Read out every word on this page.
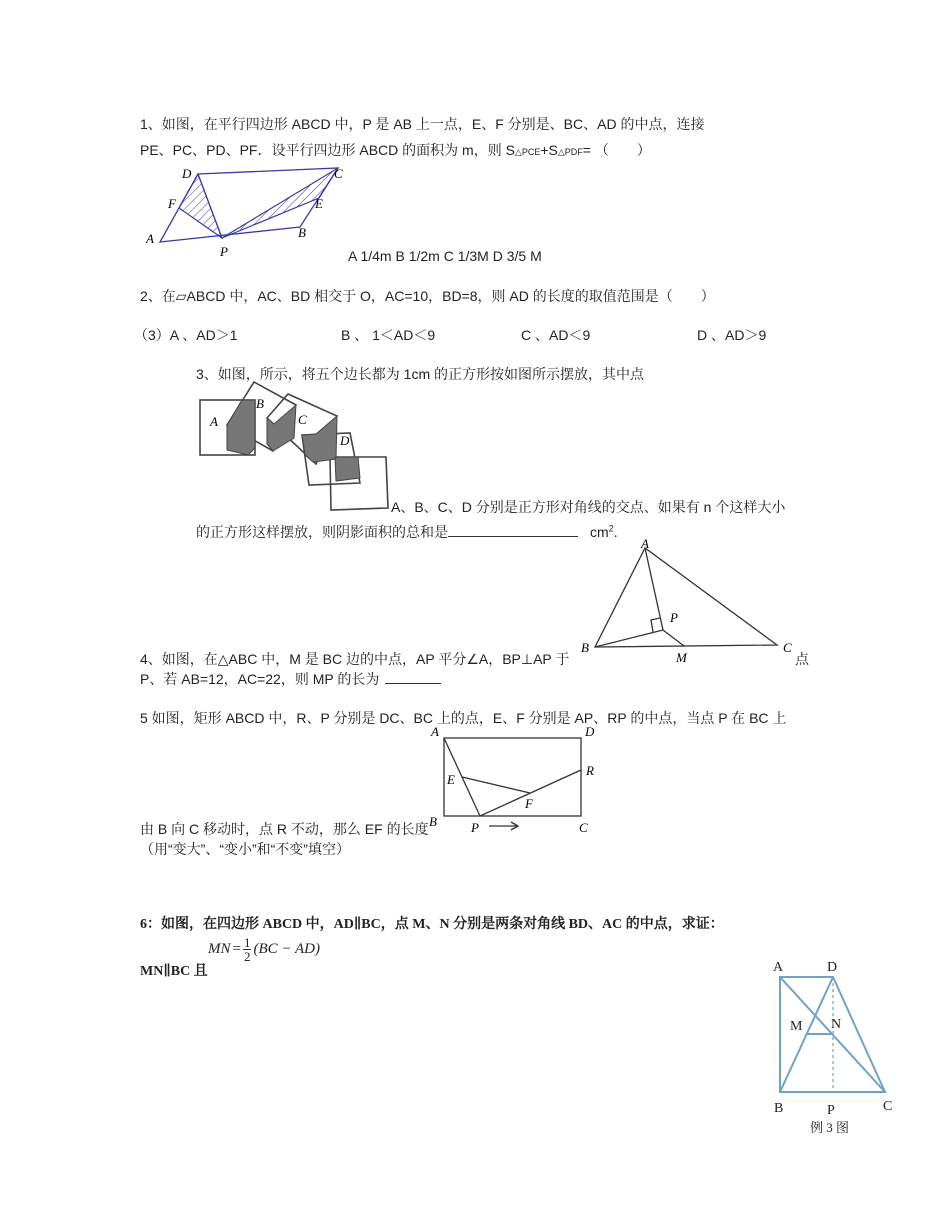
1、如图，在平行四边形 ABCD 中，P 是 AB 上一点，E、F 分别是、BC、AD 的中点，连接
PE、PC、PD、PF．设平行四边形 ABCD 的面积为 m，则 S△PCE+S△PDF= （　　）
A	B
C
D
E
F
P	A 1/4m B 1/2m C 1/3M D 3/5 M
2、在▱ABCD 中，AC、BD 相交于 O，AC=10，BD=8，则 AD 的长度的取值范围是（　　）
（3）A 、AD＞1	B 、 1＜AD＜9	C 、AD＜9	D 、AD＞9
3、如图，所示，将五个边长都为 1cm 的正方形按如图所示摆放，其中点
A
B
C
D
A、B、C、D 分别是正方形对角线的交点、如果有 n 个这样大小
的正方形这样摆放，则阴影面积的总和是	$cm^2$.
A
B	C
P
M
4、如图，在△ABC 中，M 是 BC 边的中点，AP 平分∠A，BP⊥AP 于	点
P、若 AB=12，AC=22，则 MP 的长为
5 如图，矩形 ABCD 中，R、P 分别是 DC、BC 上的点，E、F 分别是 AP、RP 的中点，当点 P 在 BC 上
A	D
B	C
E
F
P
R
由 B 向 C 移动时，点 R 不动，那么 EF 的长度
（用“变大”、“变小”和“不变”填空）
6：如图，在四边形 ABCD 中，AD∥BC，点 M、N 分别是两条对角线 BD、AC 的中点，求证：
MN∥BC 且
MN = $\frac{1}{2} (BC - AD)$
A	D
M N
B	P	C
例 3 图
